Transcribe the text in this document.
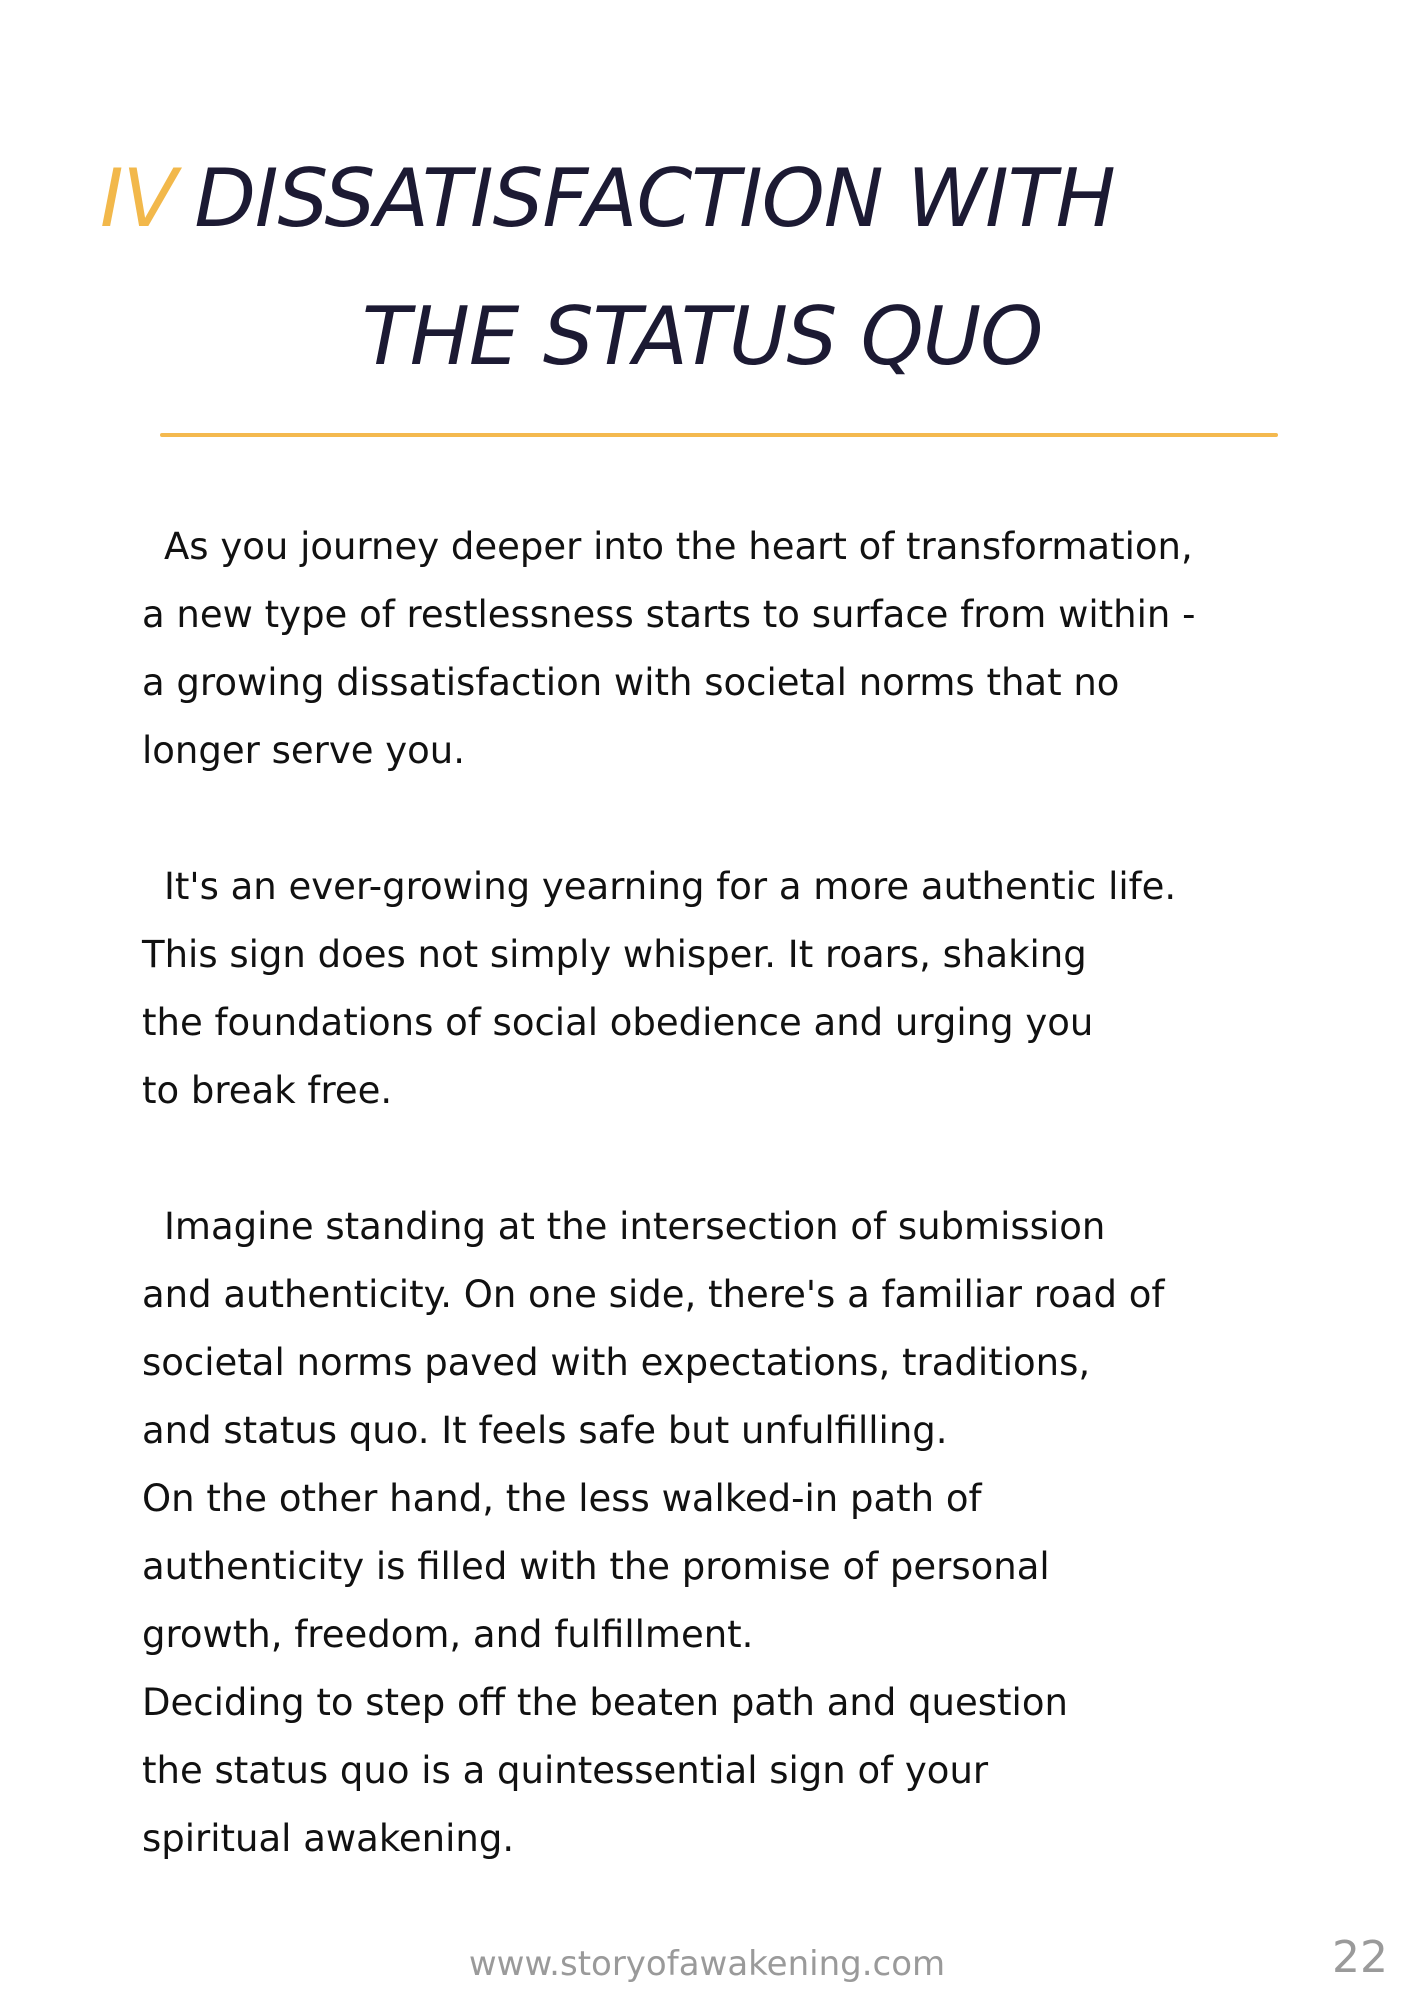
IV DISSATISFACTION WITH
THE STATUS QUO

As you journey deeper into the heart of transformation,
a new type of restlessness starts to surface from within -
a growing dissatisfaction with societal norms that no
longer serve you.

It's an ever-growing yearning for a more authentic life.
This sign does not simply whisper. It roars, shaking
the foundations of social obedience and urging you
to break free.

Imagine standing at the intersection of submission
and authenticity. On one side, there's a familiar road of
societal norms paved with expectations, traditions,
and status quo. It feels safe but unfulfilling.
On the other hand, the less walked-in path of
authenticity is filled with the promise of personal
growth, freedom, and fulfillment.
Deciding to step off the beaten path and question
the status quo is a quintessential sign of your
spiritual awakening.

www.storyofawakening.com	22
